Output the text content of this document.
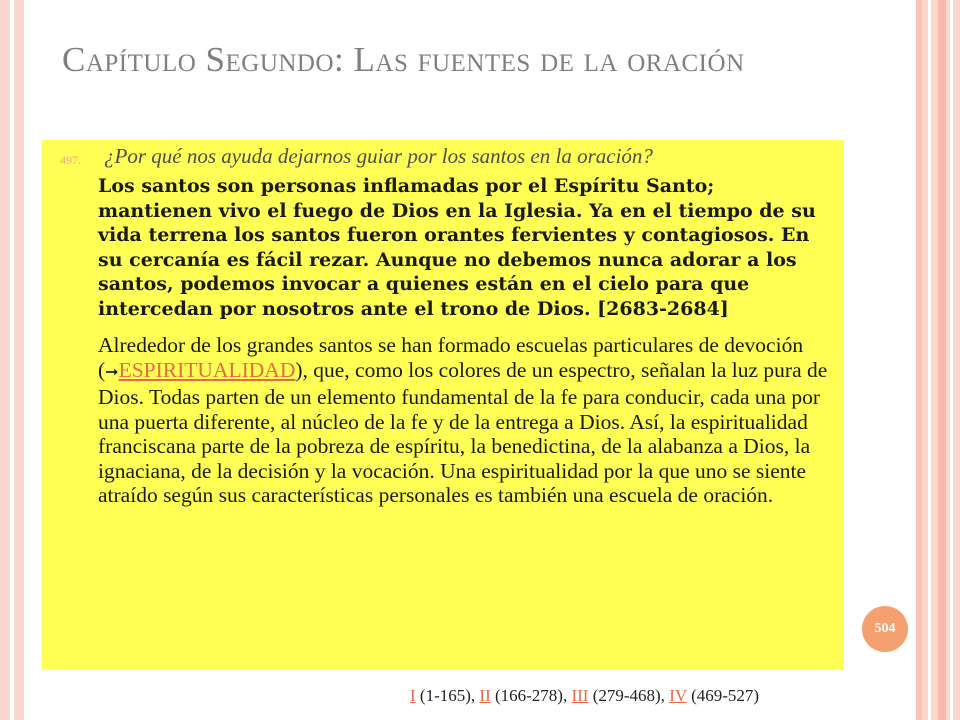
Capítulo Segundo: Las fuentes de la oración
497.	¿Por qué nos ayuda dejarnos guiar por los santos en la oración?
Los santos son personas inflamadas por el Espíritu Santo; mantienen vivo el fuego de Dios en la Iglesia. Ya en el tiempo de su vida terrena los santos fueron orantes fervientes y contagiosos. En su cercanía es fácil rezar. Aunque no debemos nunca adorar a los santos, podemos invocar a quienes están en el cielo para que intercedan por nosotros ante el trono de Dios. [2683-2684]
Alrededor de los grandes santos se han formado escuelas particulares de devoción (➞ESPIRITUALIDAD), que, como los colores de un espectro, señalan la luz pura de Dios. Todas parten de un elemento fundamental de la fe para conducir, cada una por una puerta diferente, al núcleo de la fe y de la entrega a Dios. Así, la espiritualidad franciscana parte de la pobreza de espíritu, la benedictina, de la alabanza a Dios, la ignaciana, de la decisión y la vocación. Una espiritualidad por la que uno se siente atraído según sus características personales es también una escuela de oración.
504
I (1-165), II (166-278), III (279-468), IV (469-527)
